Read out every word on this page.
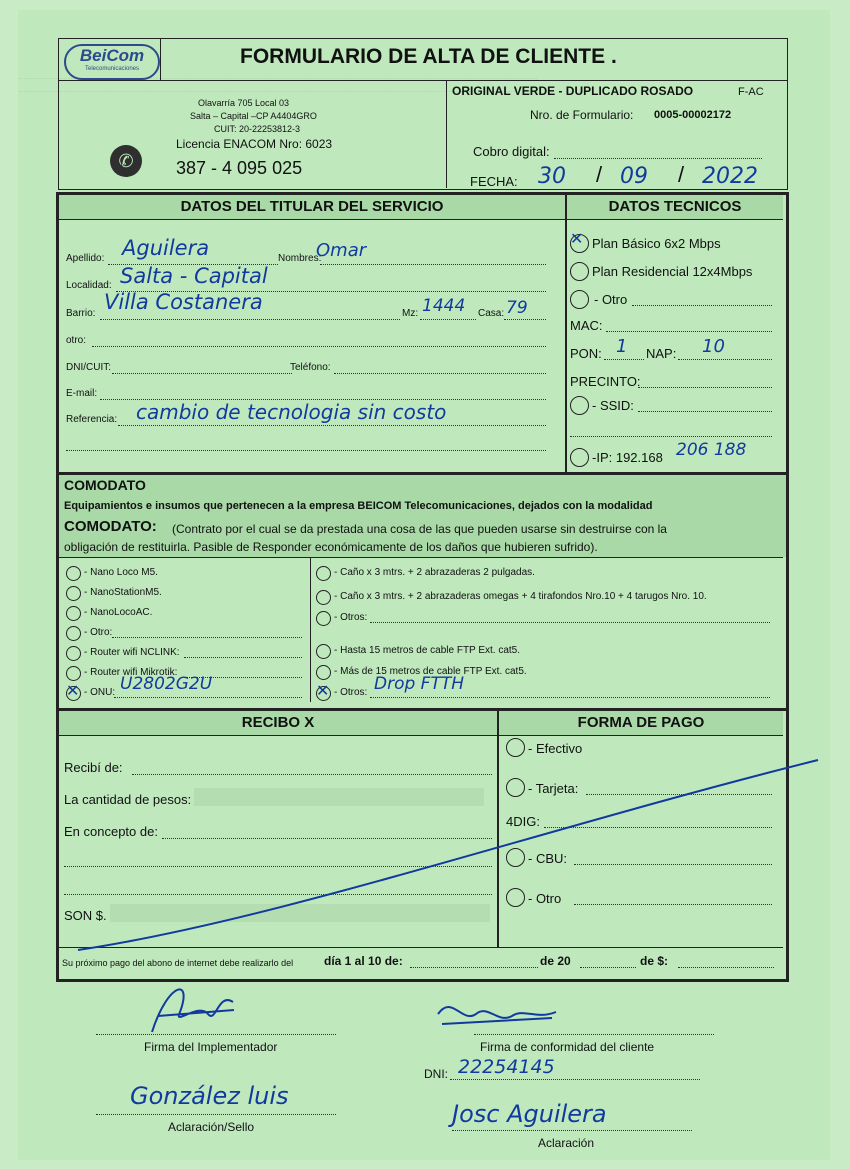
................................................................................................................................................................................................................
................................................................................................................................................................................................................
BeiCom
Telecomunicaciones
FORMULARIO DE ALTA DE CLIENTE .
Olavarría 705 Local 03
Salta – Capital –CP A4404GRO
CUIT: 20-22253812-3
Licencia ENACOM Nro: 6023
387 - 4 095 025
✆
ORIGINAL VERDE - DUPLICADO ROSADO	F-AC
Nro. de Formulario: 0005-00002172
Cobro digital:
FECHA: 30 / 09 / 2022
DATOS DEL TITULAR DEL SERVICIO	DATOS TECNICOS
Apellido: Aguilera	Nombres:
Omar
Localidad: Salta - Capital
Barrio: Villa Costanera	Mz: 1444 Casa: 79
otro:
DNI/CUIT:	Teléfono:
E-mail:
Referencia: cambio de tecnologia sin costo
✕ Plan Básico 6x2 Mbps
Plan Residencial 12x4Mbps
- Otro
MAC:
PON: 1 NAP: 10
PRECINTO:
- SSID:
-IP: 192.168 206 188
COMODATO
Equipamientos e insumos que pertenecen a la empresa BEICOM Telecomunicaciones, dejados con la modalidad
COMODATO: (Contrato por el cual se da prestada una cosa de las que pueden usarse sin destruirse con la
obligación de restituirla. Pasible de Responder económicamente de los daños que hubieren sufrido).
- Nano Loco M5.
- NanoStationM5.
- NanoLocoAC.
- Otro:
- Router wifi NCLINK:
- Router wifi Mikrotik:
✕ - ONU: U2802G2U
- Caño x 3 mtrs. + 2 abrazaderas 2 pulgadas.
- Caño x 3 mtrs. + 2 abrazaderas omegas + 4 tirafondos Nro.10 + 4 tarugos Nro. 10.
- Otros:
- Hasta 15 metros de cable FTP Ext. cat5.
- Más de 15 metros de cable FTP Ext. cat5.
✕ - Otros: Drop FTTH
RECIBO X	FORMA DE PAGO
Recibí de:
La cantidad de pesos:
En concepto de:
SON $.
- Efectivo
- Tarjeta:
4DIG:
- CBU:
- Otro
Su próximo pago del abono de internet debe realizarlo del	día 1 al 10 de:	de 20	de $:
Firma del Implementador
González luis
Aclaración/Sello
Firma de conformidad del cliente
DNI: 22254145
Josc Aguilera
Aclaración
